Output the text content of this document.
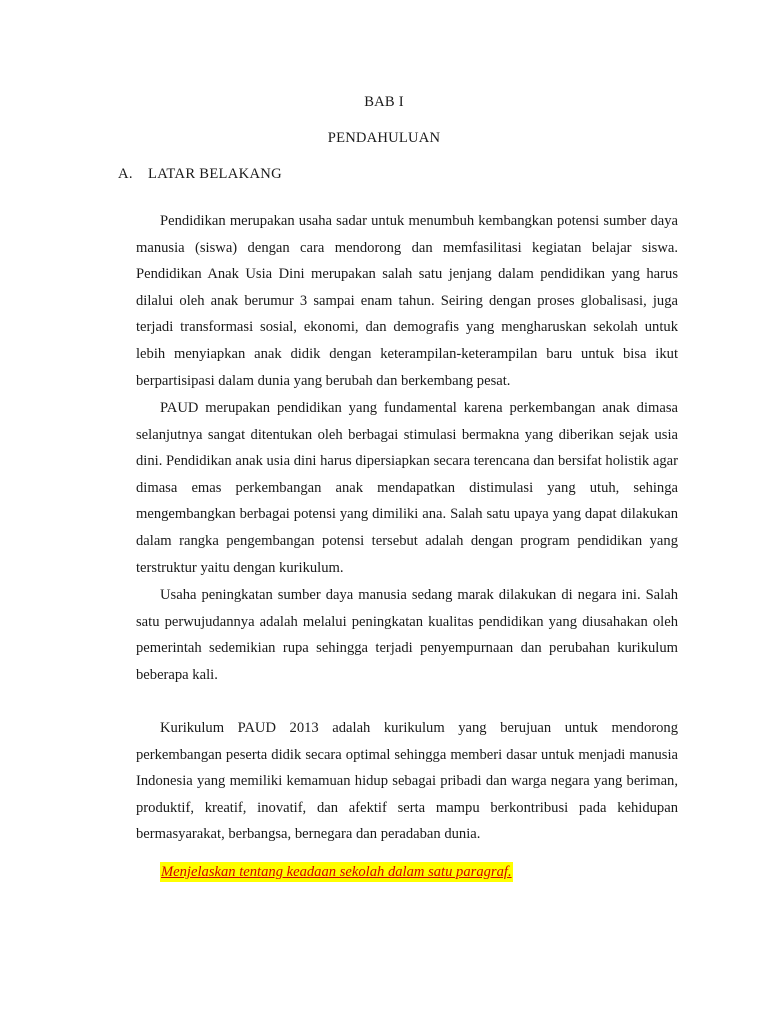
BAB I
PENDAHULUAN
A. LATAR BELAKANG

Pendidikan merupakan usaha sadar untuk menumbuh kembangkan potensi sumber daya manusia (siswa) dengan cara mendorong dan memfasilitasi kegiatan belajar siswa. Pendidikan Anak Usia Dini merupakan salah satu jenjang dalam pendidikan yang harus dilalui oleh anak berumur 3 sampai enam tahun. Seiring dengan proses globalisasi, juga terjadi transformasi sosial, ekonomi, dan demografis yang mengharuskan sekolah untuk lebih menyiapkan anak didik dengan keterampilan-keterampilan baru untuk bisa ikut berpartisipasi dalam dunia yang berubah dan berkembang pesat.

PAUD merupakan pendidikan yang fundamental karena perkembangan anak dimasa selanjutnya sangat ditentukan oleh berbagai stimulasi bermakna yang diberikan sejak usia dini. Pendidikan anak usia dini harus dipersiapkan secara terencana dan bersifat holistik agar dimasa emas perkembangan anak mendapatkan distimulasi yang utuh, sehinga mengembangkan berbagai potensi yang dimiliki ana. Salah satu upaya yang dapat dilakukan dalam rangka pengembangan potensi tersebut adalah dengan program pendidikan yang terstruktur yaitu dengan kurikulum.

Usaha peningkatan sumber daya manusia sedang marak dilakukan di negara ini. Salah satu perwujudannya adalah melalui peningkatan kualitas pendidikan yang diusahakan oleh pemerintah sedemikian rupa sehingga terjadi penyempurnaan dan perubahan kurikulum beberapa kali.

Kurikulum PAUD 2013 adalah kurikulum yang berujuan untuk mendorong perkembangan peserta didik secara optimal sehingga memberi dasar untuk menjadi manusia Indonesia yang memiliki kemamuan hidup sebagai pribadi dan warga negara yang beriman, produktif, kreatif, inovatif, dan afektif serta mampu berkontribusi pada kehidupan bermasyarakat, berbangsa, bernegara dan peradaban dunia.

Menjelaskan tentang keadaan sekolah dalam satu paragraf.
